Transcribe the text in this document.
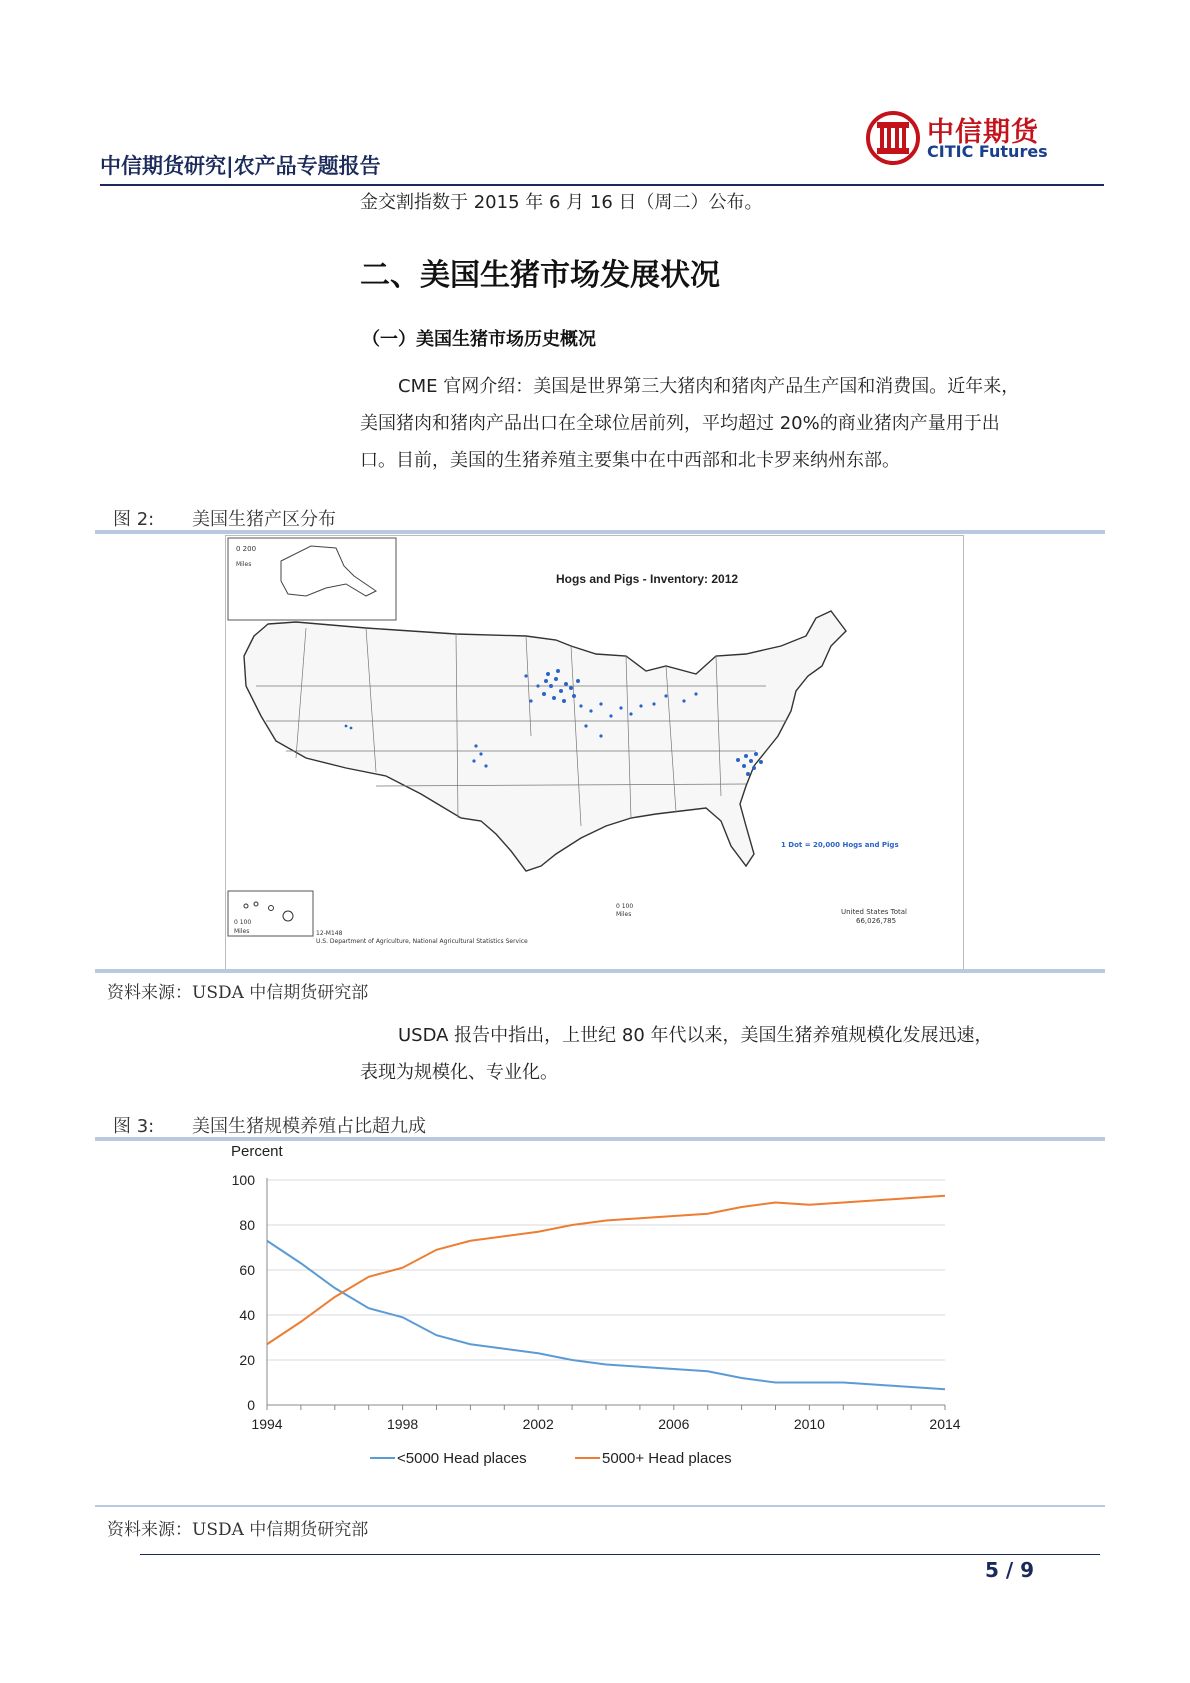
中信期货研究|农产品专题报告
中信期货
CITIC Futures
金交割指数于 2015 年 6 月 16 日（周二）公布。
二、美国生猪市场发展状况
（一）美国生猪市场历史概况
CME 官网介绍：美国是世界第三大猪肉和猪肉产品生产国和消费国。近年来，
美国猪肉和猪肉产品出口在全球位居前列，平均超过 20%的商业猪肉产量用于出
口。目前，美国的生猪养殖主要集中在中西部和北卡罗来纳州东部。
图 2: 美国生猪产区分布
0 200
Miles
Hogs and Pigs - Inventory: 2012
0 100
Miles	12-M148
U.S. Department of Agriculture, National Agricultural Statistics Service
0 100
Miles
1 Dot = 20,000 Hogs and Pigs
United States Total
66,026,785
资料来源：USDA 中信期货研究部
USDA 报告中指出，上世纪 80 年代以来，美国生猪养殖规模化发展迅速，
表现为规模化、专业化。
图 3: 美国生猪规模养殖占比超九成
Percent
0
20
40
60
80
100
1994	1998	2002	2006	2010	2014
<5000 Head places	5000+ Head places
资料来源：USDA 中信期货研究部
5 / 9
